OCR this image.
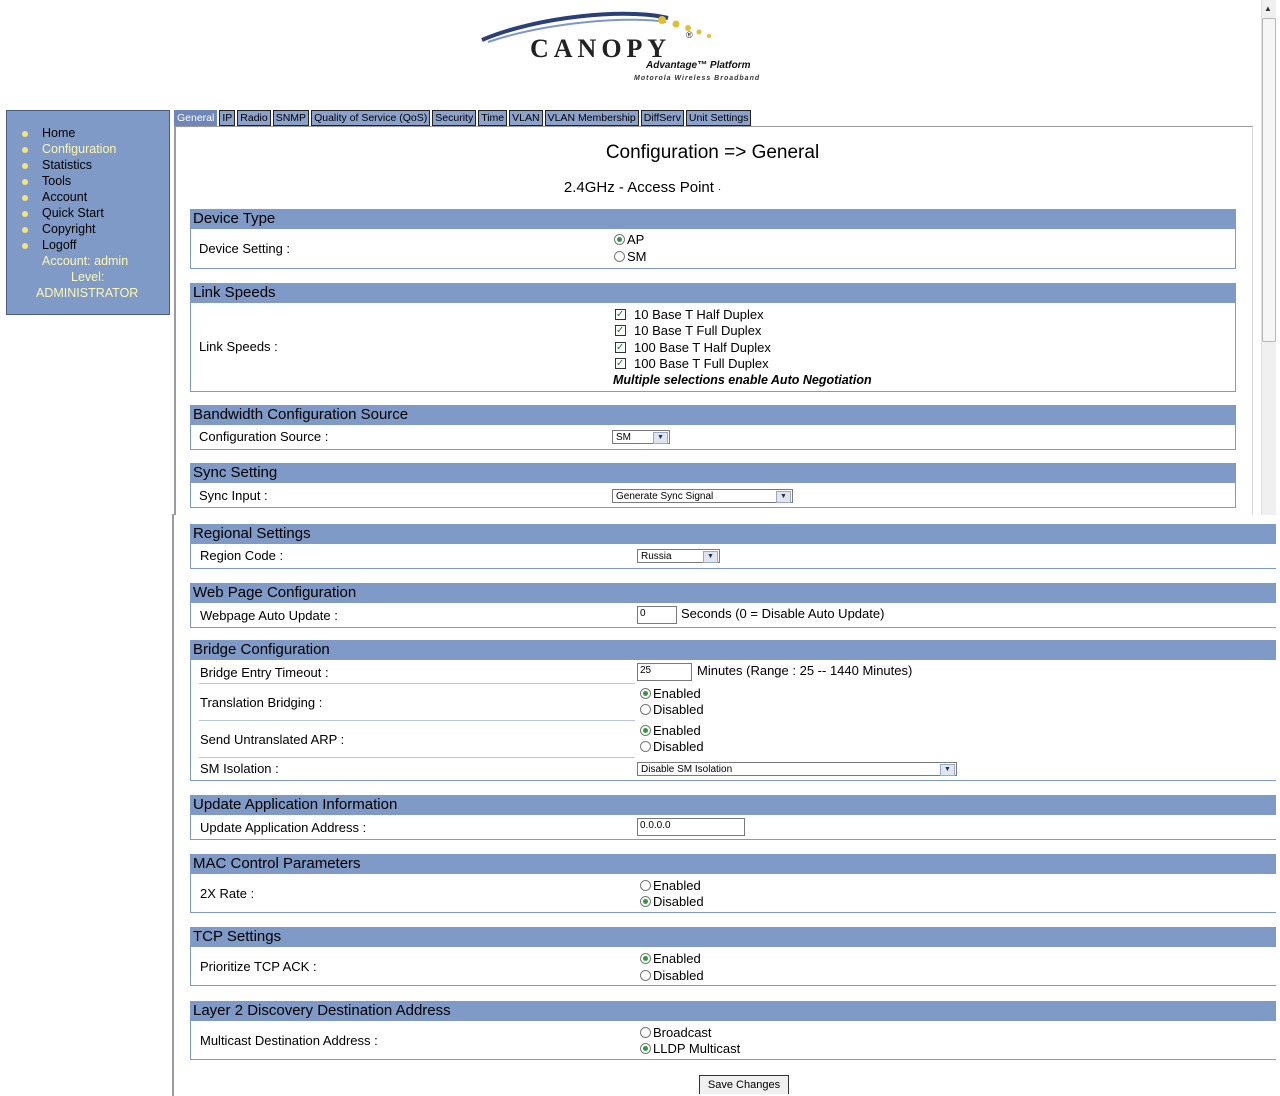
CANOPY ®
Advantage™ Platform
Motorola Wireless Broadband
Home
Configuration
Statistics
Tools
Account
Quick Start
Copyright
Logoff
Account: admin
Level:
ADMINISTRATOR
General IP Radio SNMP Quality of Service (QoS) Security Time VLAN VLAN Membership DiffServ Unit Settings
Configuration => General
2.4GHz - Access Point ·
Device Type
Device Setting :
AP
SM
Link Speeds
Link Speeds :
✓10 Base T Half Duplex
✓10 Base T Full Duplex
✓100 Base T Half Duplex
✓100 Base T Full Duplex
Multiple selections enable Auto Negotiation
Bandwidth Configuration Source
Configuration Source :	SM	▼
Sync Setting
Sync Input :	Generate Sync Signal	▼
Regional Settings
Region Code :	Russia	▼
Web Page Configuration
Webpage Auto Update :	0	Seconds (0 = Disable Auto Update)
Bridge Configuration
Bridge Entry Timeout :	25	Minutes (Range : 25 -- 1440 Minutes)
Translation Bridging :
Enabled
Disabled
Send Untranslated ARP :
Enabled
Disabled
SM Isolation :	Disable SM Isolation	▼
Update Application Information
Update Application Address :	0.0.0.0
MAC Control Parameters
2X Rate :
Enabled
Disabled
TCP Settings
Prioritize TCP ACK :
Enabled
Disabled
Layer 2 Discovery Destination Address
Multicast Destination Address :
Broadcast
LLDP Multicast
Save Changes
▲
